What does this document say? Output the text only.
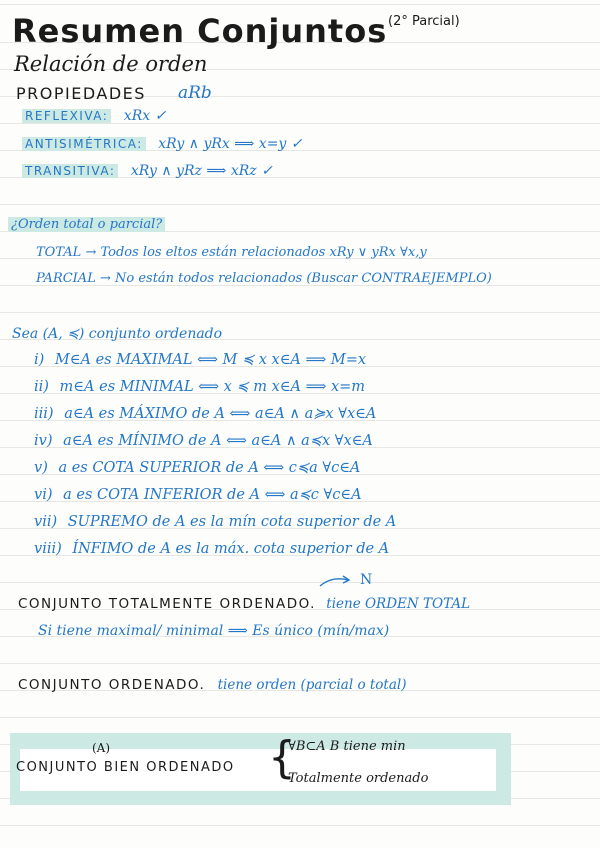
Resumen Conjuntos (2° Parcial)
Relación de orden
PROPIEDADES aRb
REFLEXIVA: xRx ✓
ANTISIMÉTRICA: xRy ∧ yRx ⟹ x=y ✓
TRANSITIVA: xRy ∧ yRz ⟹ xRz ✓
¿Orden total o parcial?
TOTAL → Todos los eltos están relacionados xRy ∨ yRx ∀x,y
PARCIAL → No están todos relacionados (Buscar CONTRAEJEMPLO)
Sea (A, ≼) conjunto ordenado
i) M∈A es MAXIMAL ⟺ M ≼ x x∈A ⟹ M=x
ii) m∈A es MINIMAL ⟺ x ≼ m x∈A ⟹ x=m
iii) a∈A es MÁXIMO de A ⟺ a∈A ∧ a≽x ∀x∈A
iv) a∈A es MÍNIMO de A ⟺ a∈A ∧ a≼x ∀x∈A
v) a es COTA SUPERIOR de A ⟺ c≼a ∀c∈A
vi) a es COTA INFERIOR de A ⟺ a≼c ∀c∈A
vii) SUPREMO de A es la mín cota superior de A
viii) ÍNFIMO de A es la máx. cota superior de A
N
CONJUNTO TOTALMENTE ORDENADO. tiene ORDEN TOTAL
Si tiene maximal/ minimal ⟹ Es único (mín/max)
CONJUNTO ORDENADO. tiene orden (parcial o total)
(A)
CONJUNTO BIEN ORDENADO {
∀B⊂A B tiene min
Totalmente ordenado
